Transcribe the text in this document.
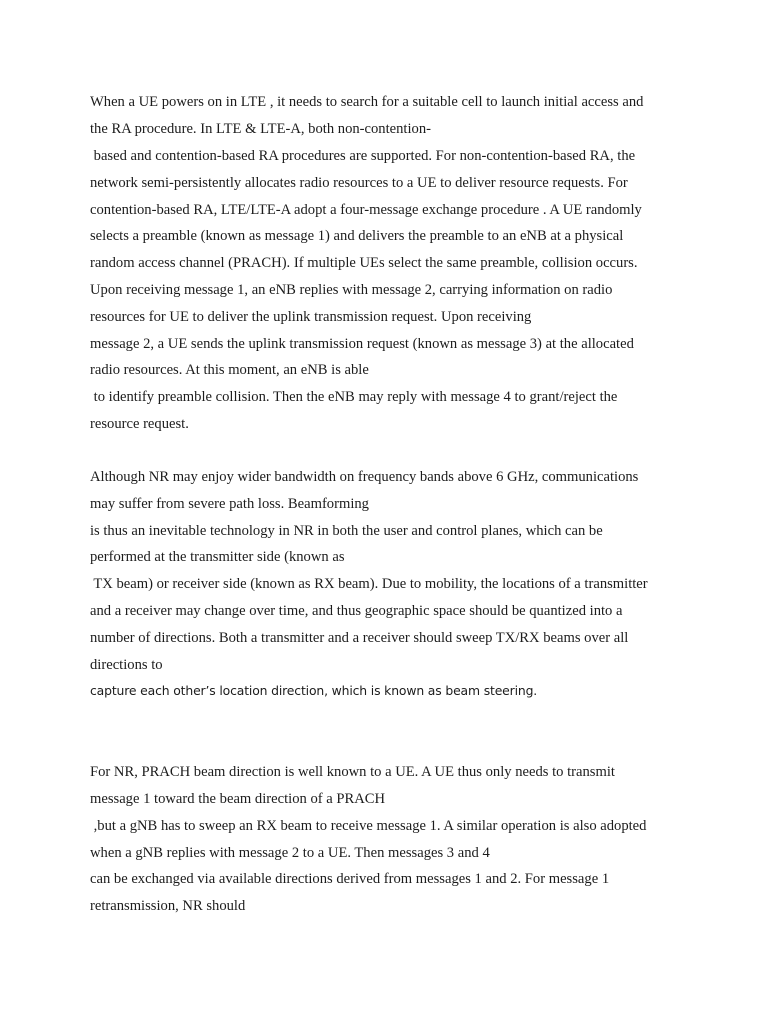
When a UE powers on in LTE , it needs to search for a suitable cell to launch initial access and

the RA procedure. In LTE & LTE-A, both non-contention-

based and contention-based RA procedures are supported. For non-contention-based RA, the

network semi-persistently allocates radio resources to a UE to deliver resource requests. For

contention-based RA, LTE/LTE-A adopt a four-message exchange procedure . A UE randomly

selects a preamble (known as message 1) and delivers the preamble to an eNB at a physical

random access channel (PRACH). If multiple UEs select the same preamble, collision occurs.

Upon receiving message 1, an eNB replies with message 2, carrying information on radio

resources for UE to deliver the uplink transmission request. Upon receiving

message 2, a UE sends the uplink transmission request (known as message 3) at the allocated

radio resources. At this moment, an eNB is able

to identify preamble collision. Then the eNB may reply with message 4 to grant/reject the

resource request.

Although NR may enjoy wider bandwidth on frequency bands above 6 GHz, communications

may suffer from severe path loss. Beamforming

is thus an inevitable technology in NR in both the user and control planes, which can be

performed at the transmitter side (known as

TX beam) or receiver side (known as RX beam). Due to mobility, the locations of a transmitter

and a receiver may change over time, and thus geographic space should be quantized into a

number of directions. Both a transmitter and a receiver should sweep TX/RX beams over all

directions to

capture each other’s location direction, which is known as beam steering.

For NR, PRACH beam direction is well known to a UE. A UE thus only needs to transmit

message 1 toward the beam direction of a PRACH

,but a gNB has to sweep an RX beam to receive message 1. A similar operation is also adopted

when a gNB replies with message 2 to a UE. Then messages 3 and 4

can be exchanged via available directions derived from messages 1 and 2. For message 1

retransmission, NR should
